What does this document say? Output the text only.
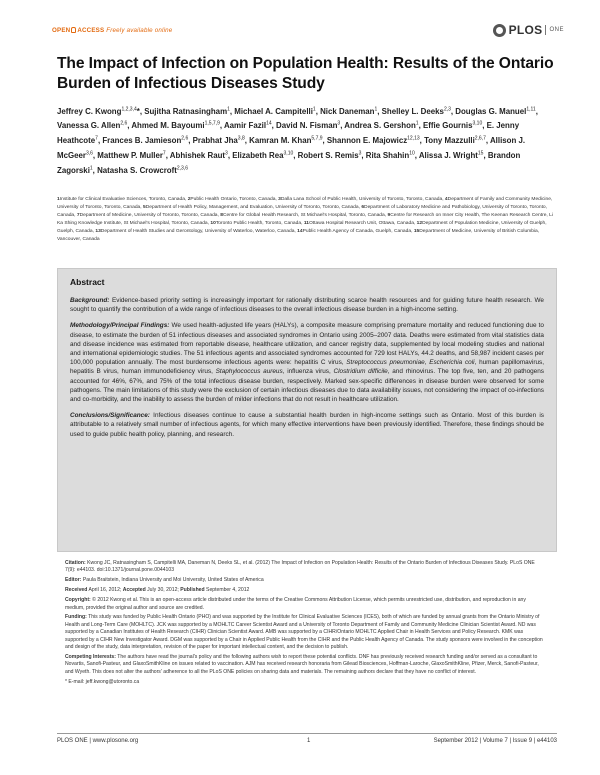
OPEN ACCESS Freely available online	PLOS ONE
The Impact of Infection on Population Health: Results of the Ontario Burden of Infectious Diseases Study
Jeffrey C. Kwong$^{1,2,3,4}$*, Sujitha Ratnasingham$^1$, Michael A. Campitelli$^1$, Nick Daneman$^1$, Shelley L. Deeks$^{2,3}$, Douglas G. Manuel$^{1,11}$, Vanessa G. Allen$^{2,6}$, Ahmed M. Bayoumi$^{1,5,7,9}$, Aamir Fazil$^{14}$, David N. Fisman$^3$, Andrea S. Gershon$^1$, Effie Gournis$^{3,10}$, E. Jenny Heathcote$^7$, Frances B. Jamieson$^{2,6}$, Prabhat Jha$^{3,8}$, Kamran M. Khan$^{5,7,9}$, Shannon E. Majowicz$^{12,13}$, Tony Mazzulli$^{2,6,7}$, Allison J. McGeer$^{3,6}$, Matthew P. Muller$^7$, Abhishek Raut$^3$, Elizabeth Rea$^{3,10}$, Robert S. Remis$^3$, Rita Shahin$^{10}$, Alissa J. Wright$^{15}$, Brandon Zagorski$^1$, Natasha S. Crowcroft$^{2,3,6}$
1Institute for Clinical Evaluative Sciences, Toronto, Canada, 2Public Health Ontario, Toronto, Canada, 3Dalla Lana School of Public Health, University of Toronto, Toronto, Canada, 4Department of Family and Community Medicine, University of Toronto, Toronto, Canada, 5Department of Health Policy, Management, and Evaluation, University of Toronto, Toronto, Canada, 6Department of Laboratory Medicine and Pathobiology, University of Toronto, Toronto, Canada, 7Department of Medicine, University of Toronto, Toronto, Canada, 8Centre for Global Health Research, St Michael's Hospital, Toronto, Canada, 9Centre for Research on Inner City Health, The Keenan Research Centre, Li Ka Shing Knowledge Institute, St Michael's Hospital, Toronto, Canada, 10Toronto Public Health, Toronto, Canada, 11Ottawa Hospital Research Unit, Ottawa, Canada, 12Department of Population Medicine, University of Guelph, Guelph, Canada, 13Department of Health Studies and Gerontology, University of Waterloo, Waterloo, Canada, 14Public Health Agency of Canada, Guelph, Canada, 15Department of Medicine, University of British Columbia, Vancouver, Canada
Abstract

Background: Evidence-based priority setting is increasingly important for rationally distributing scarce health resources and for guiding future health research. We sought to quantify the contribution of a wide range of infectious diseases to the overall infectious disease burden in a high-income setting.

Methodology/Principal Findings: We used health-adjusted life years (HALYs), a composite measure comprising premature mortality and reduced functioning due to disease, to estimate the burden of 51 infectious diseases and associated syndromes in Ontario using 2005–2007 data. Deaths were estimated from vital statistics data and disease incidence was estimated from reportable disease, healthcare utilization, and cancer registry data, supplemented by local modeling studies and national and international epidemiologic studies. The 51 infectious agents and associated syndromes accounted for 729 lost HALYs, 44.2 deaths, and 58,987 incident cases per 100,000 population annually. The most burdensome infectious agents were: hepatitis C virus, Streptococcus pneumoniae, Escherichia coli, human papillomavirus, hepatitis B virus, human immunodeficiency virus, Staphylococcus aureus, influenza virus, Clostridium difficile, and rhinovirus. The top five, ten, and 20 pathogens accounted for 46%, 67%, and 75% of the total infectious disease burden, respectively. Marked sex-specific differences in disease burden were observed for some pathogens. The main limitations of this study were the exclusion of certain infectious diseases due to data availability issues, not considering the impact of co-infections and co-morbidity, and the inability to assess the burden of milder infections that do not result in healthcare utilization.

Conclusions/Significance: Infectious diseases continue to cause a substantial health burden in high-income settings such as Ontario. Most of this burden is attributable to a relatively small number of infectious agents, for which many effective interventions have been previously identified. Therefore, these findings should be used to guide public health policy, planning, and research.

Citation: Kwong JC, Ratnasingham S, Campitelli MA, Daneman N, Deeks SL, et al. (2012) The Impact of Infection on Population Health: Results of the Ontario Burden of Infectious Diseases Study. PLoS ONE 7(9): e44103. doi:10.1371/journal.pone.0044103

Editor: Paula Braitstein, Indiana University and Moi University, United States of America

Received April 16, 2012; Accepted July 30, 2012; Published September 4, 2012

Copyright: © 2012 Kwong et al. This is an open-access article distributed under the terms of the Creative Commons Attribution License, which permits unrestricted use, distribution, and reproduction in any medium, provided the original author and source are credited.

Funding: This study was funded by Public Health Ontario (PHO) and was supported by the Institute for Clinical Evaluative Sciences (ICES), both of which are funded by annual grants from the Ontario Ministry of Health and Long-Term Care (MOHLTC). JCK was supported by a MOHLTC Career Scientist Award and a University of Toronto Department of Family and Community Medicine Clinician Scientist Award. ND was supported by a Canadian Institutes of Health Research (CIHR) Clinician Scientist Award. AMB was supported by a CIHR/Ontario MOHLTC Applied Chair in Health Services and Policy Research. KMK was supported by a CIHR New Investigator Award. DGM was supported by a Chair in Applied Public Health from the CIHR and the Public Health Agency of Canada. The study sponsors were involved in the conception and design of the study, data interpretation, revision of the paper for important intellectual content, and the decision to publish.

Competing Interests: The authors have read the journal's policy and the following authors wish to report these potential conflicts. DNF has previously received research funding and/or served as a consultant to Novartis, Sanofi-Pasteur, and GlaxoSmithKline on issues related to vaccination. AJM has received research honoraria from Gilead Biosciences, Hoffman-Laroche, GlaxoSmithKline, Pfizer, Merck, Sanofi-Pasteur, and Wyeth. This does not alter the authors' adherence to all the PLoS ONE policies on sharing data and materials. The remaining authors declare that they have no conflict of interest.

* E-mail: jeff.kwong@utoronto.ca

PLOS ONE | www.plosone.org	1	September 2012 | Volume 7 | Issue 9 | e44103
